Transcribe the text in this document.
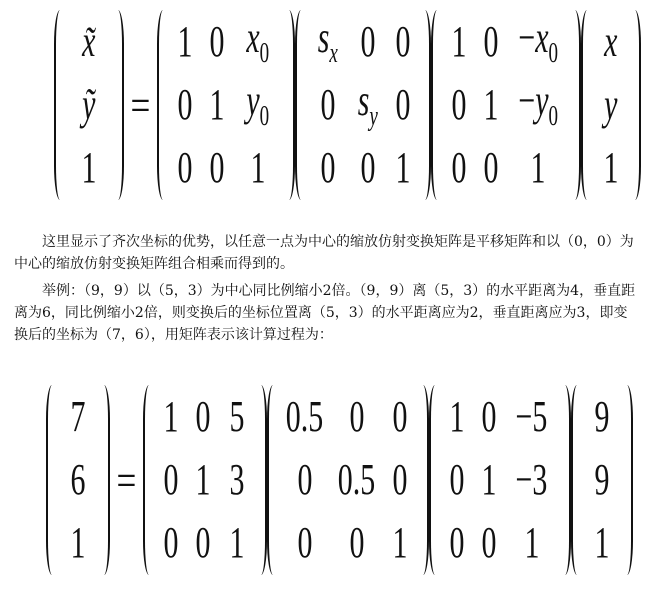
x̃
ỹ
1
=
1 0 $x_0$
0 1 $y_0$
0 0 1
$s_x$ 0 0
0 $s_y$ 0
0 0 1
1 $0 -x_0$
0 $1 -y_0$
0 0 1
x
y
1

这里显示了齐次坐标的优势，以任意一点为中心的缩放仿射变换矩阵是平移矩阵和以（0，0）为中心的缩放仿射变换矩阵组合相乘而得到的。

举例：（9，9）以（5，3）为中心同比例缩小2倍。（9，9）离（5，3）的水平距离为4，垂直距离为6，同比例缩小2倍，则变换后的坐标位置离（5，3）的水平距离应为2，垂直距离应为3，即变换后的坐标为（7，6），用矩阵表示该计算过程为：

7
6
1
=
1 0 5
0 1 3
0 0 1
0.5 0 0
0 0.5 0
0 0 1
1 0 −5
0 1 −3
0 0 1
9
9
1
